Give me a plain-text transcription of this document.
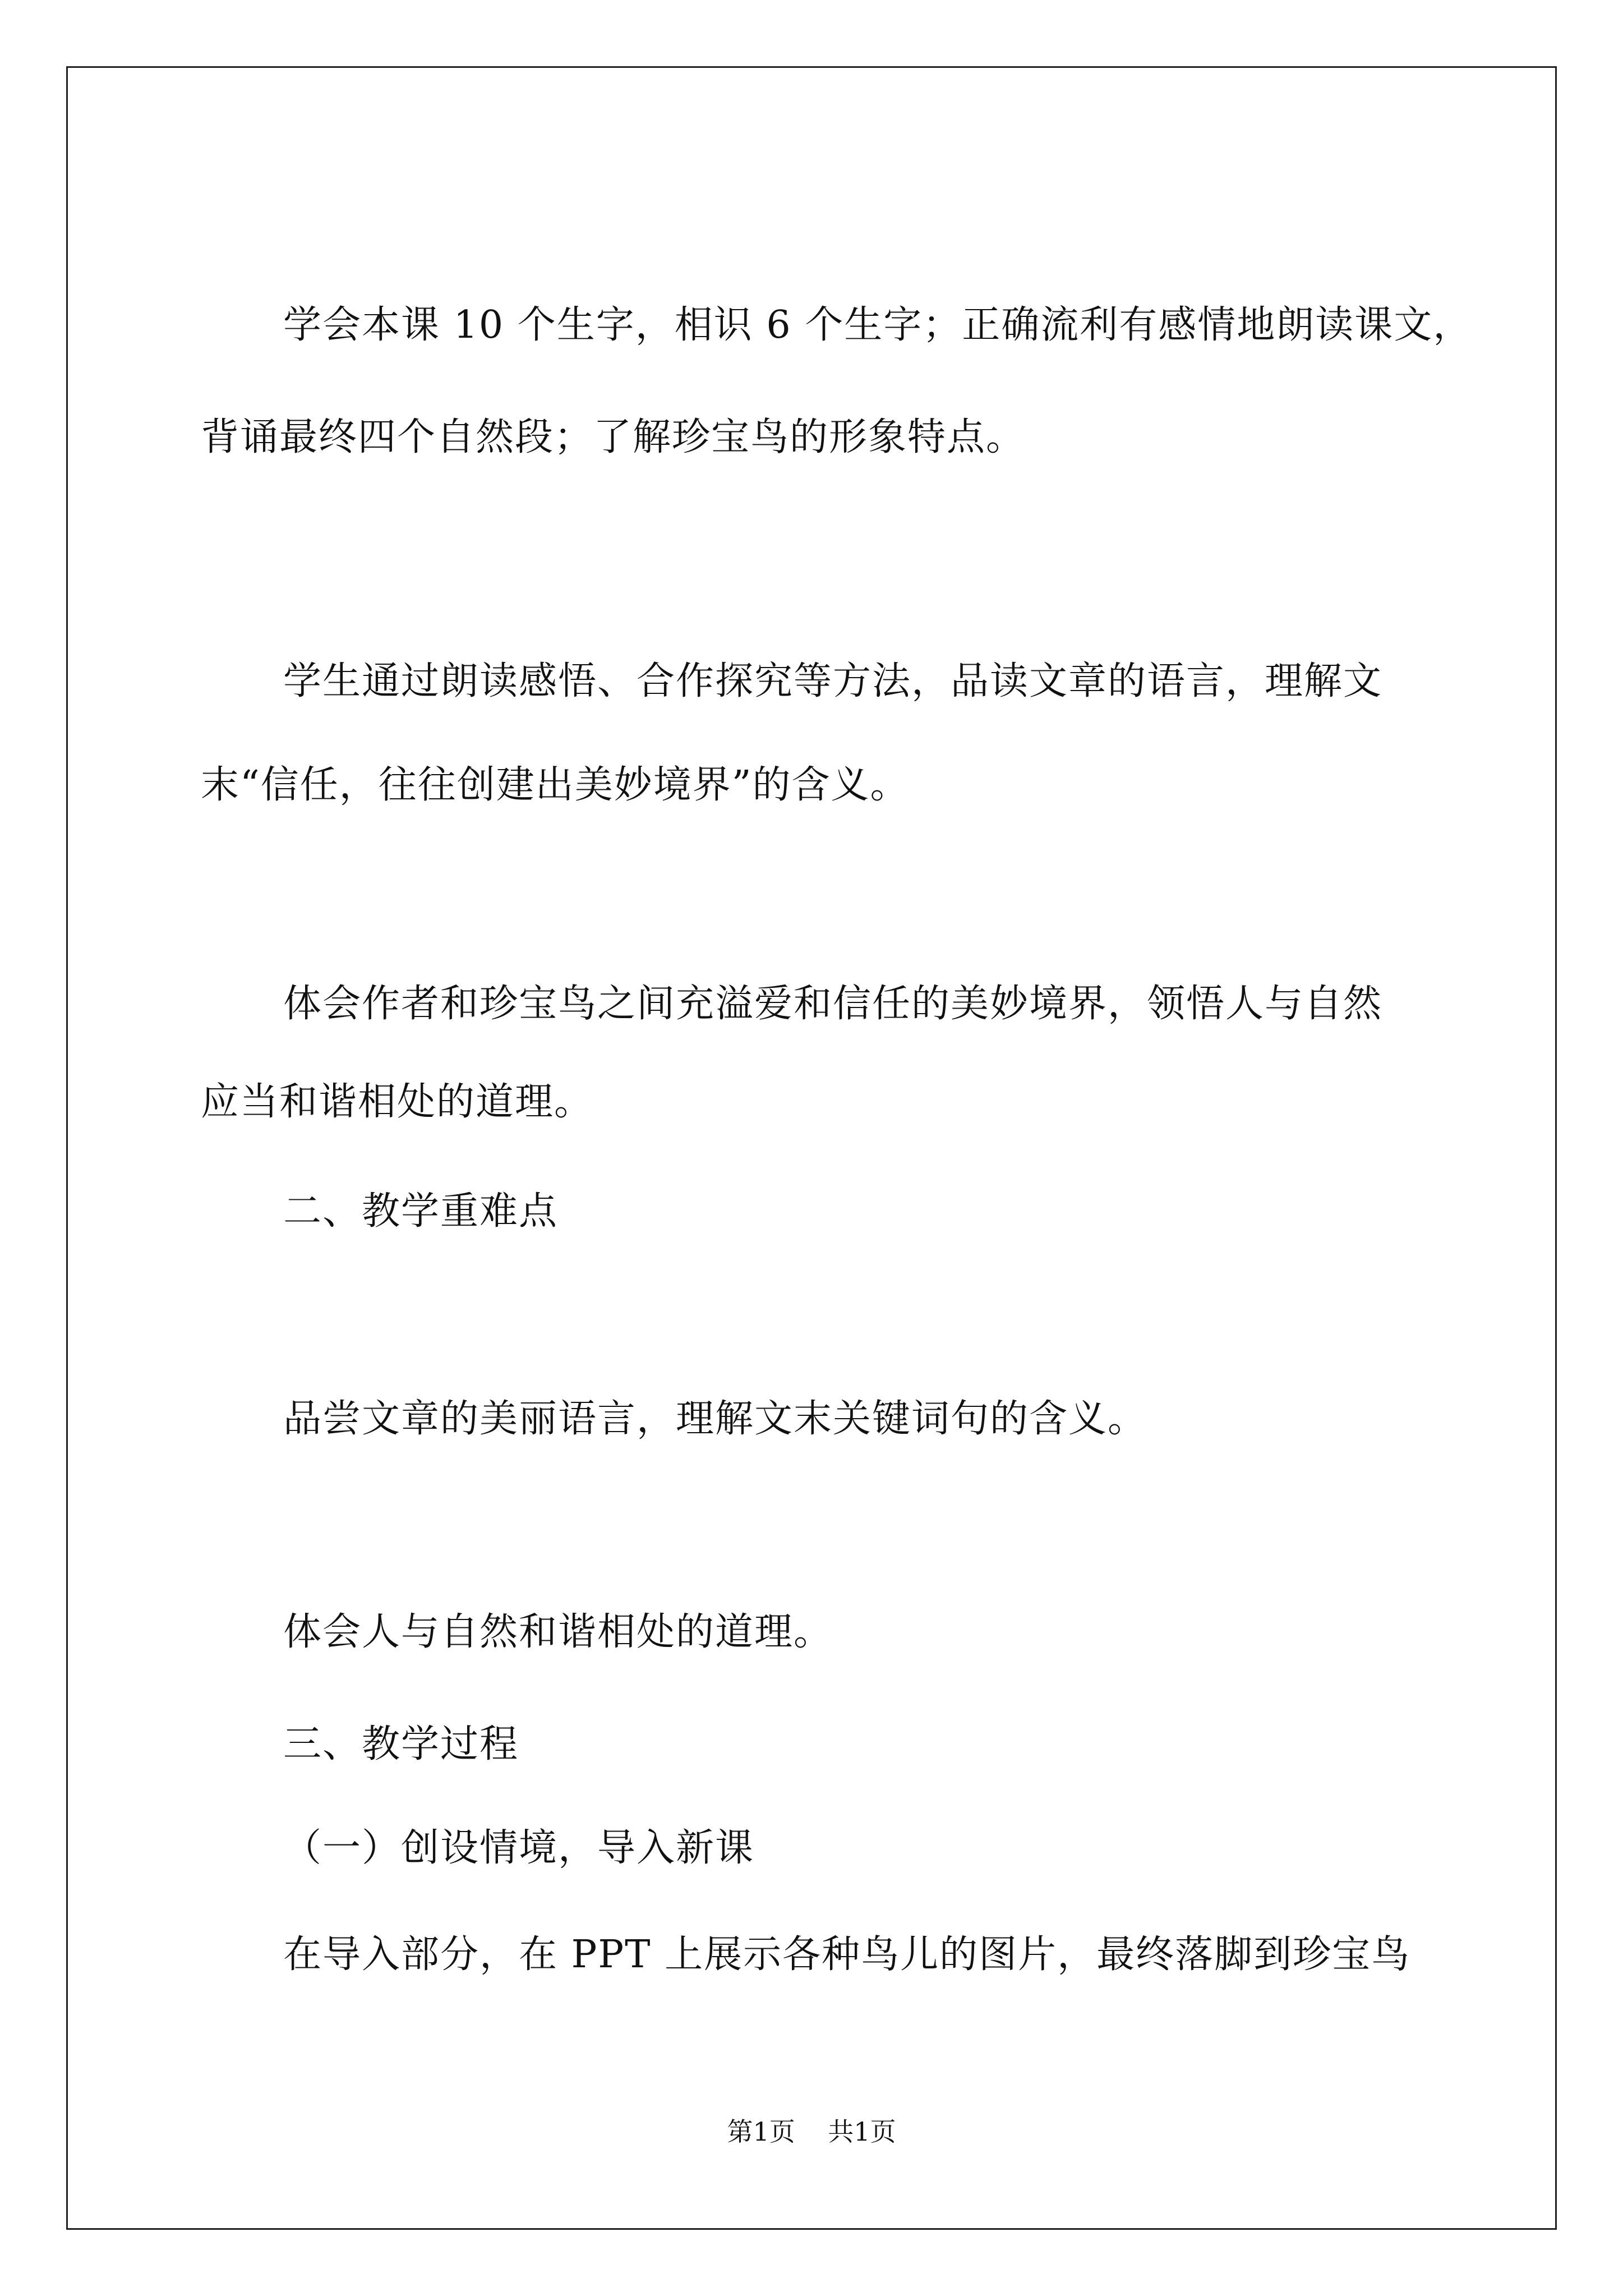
学会本课 10 个生字，相识 6 个生字；正确流利有感情地朗读课文，
背诵最终四个自然段；了解珍宝鸟的形象特点。
学生通过朗读感悟、合作探究等方法，品读文章的语言，理解文
末“信任，往往创建出美妙境界”的含义。
体会作者和珍宝鸟之间充溢爱和信任的美妙境界，领悟人与自然
应当和谐相处的道理。
二、教学重难点
品尝文章的美丽语言，理解文末关键词句的含义。
体会人与自然和谐相处的道理。
三、教学过程
（一）创设情境，导入新课
在导入部分，在 PPT 上展示各种鸟儿的图片，最终落脚到珍宝鸟
第1页    共1页
